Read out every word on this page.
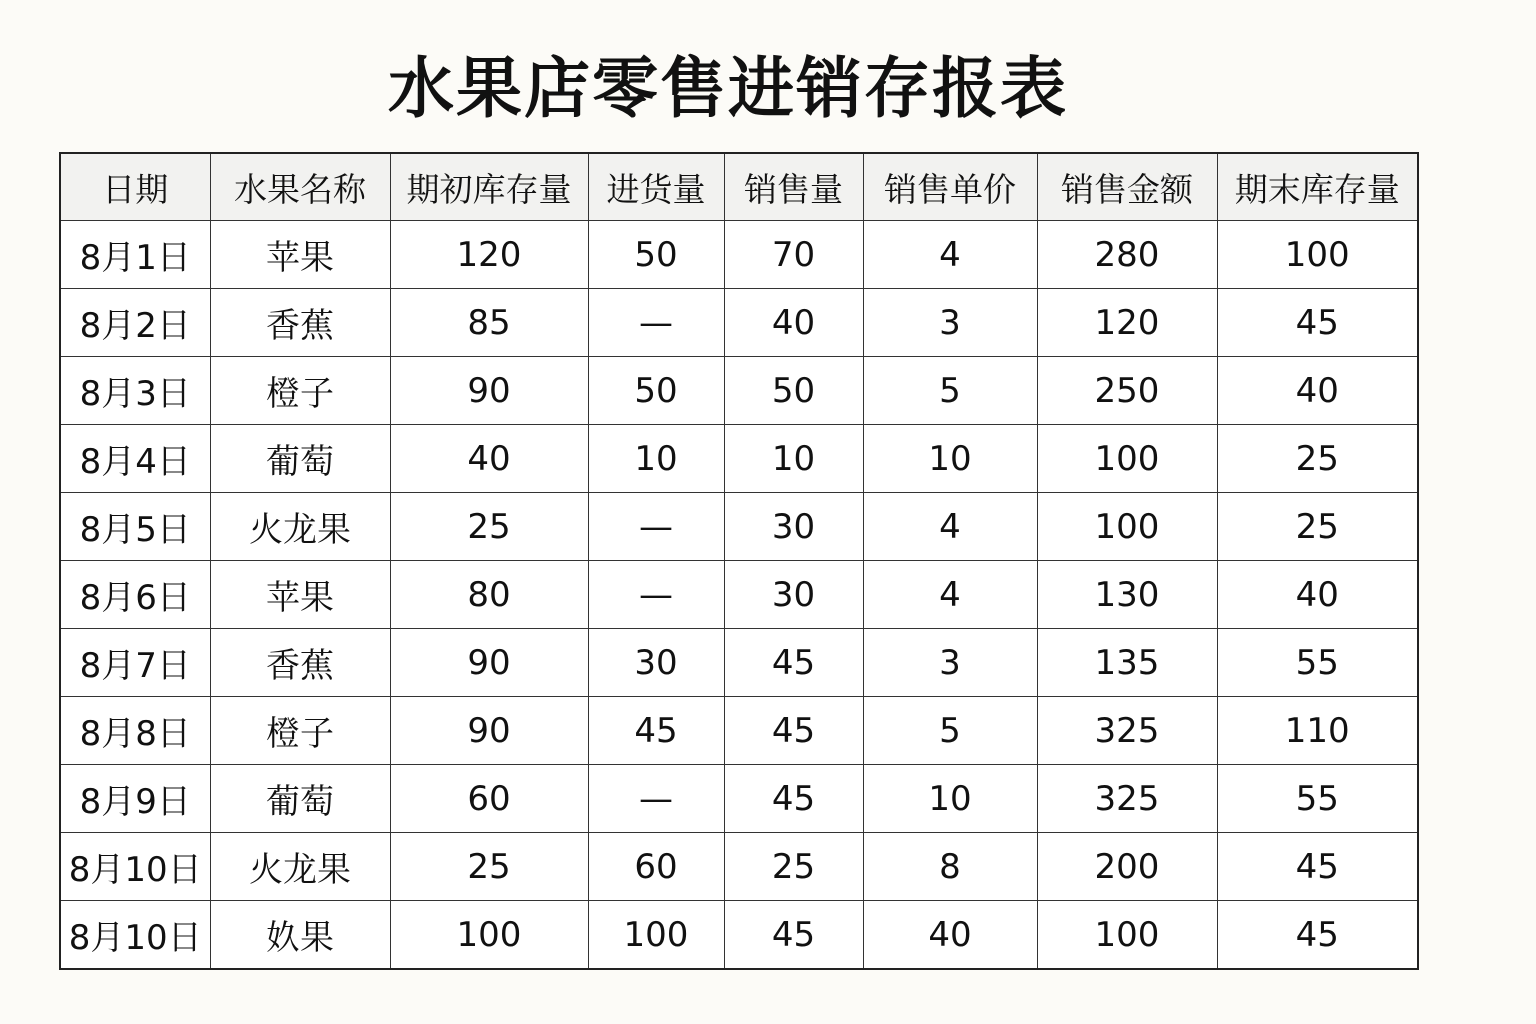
水果店零售进销存报表
日期	水果名称	期初库存量	进货量	销售量	销售单价	销售金额	期末库存量
8月1日	苹果	120	50	70	4	280	100
8月2日	香蕉	85	—	40	3	120	45
8月3日	橙子	90	50	50	5	250	40
8月4日	葡萄	40	10	10	10	100	25
8月5日	火龙果	25	—	30	4	100	25
8月6日	苹果	80	—	30	4	130	40
8月7日	香蕉	90	30	45	3	135	55
8月8日	橙子	90	45	45	5	325	110
8月9日	葡萄	60	—	45	10	325	55
8月10日	火龙果	25	60	25	8	200	45
8月10日	奺果	100	100	45	40	100	45
